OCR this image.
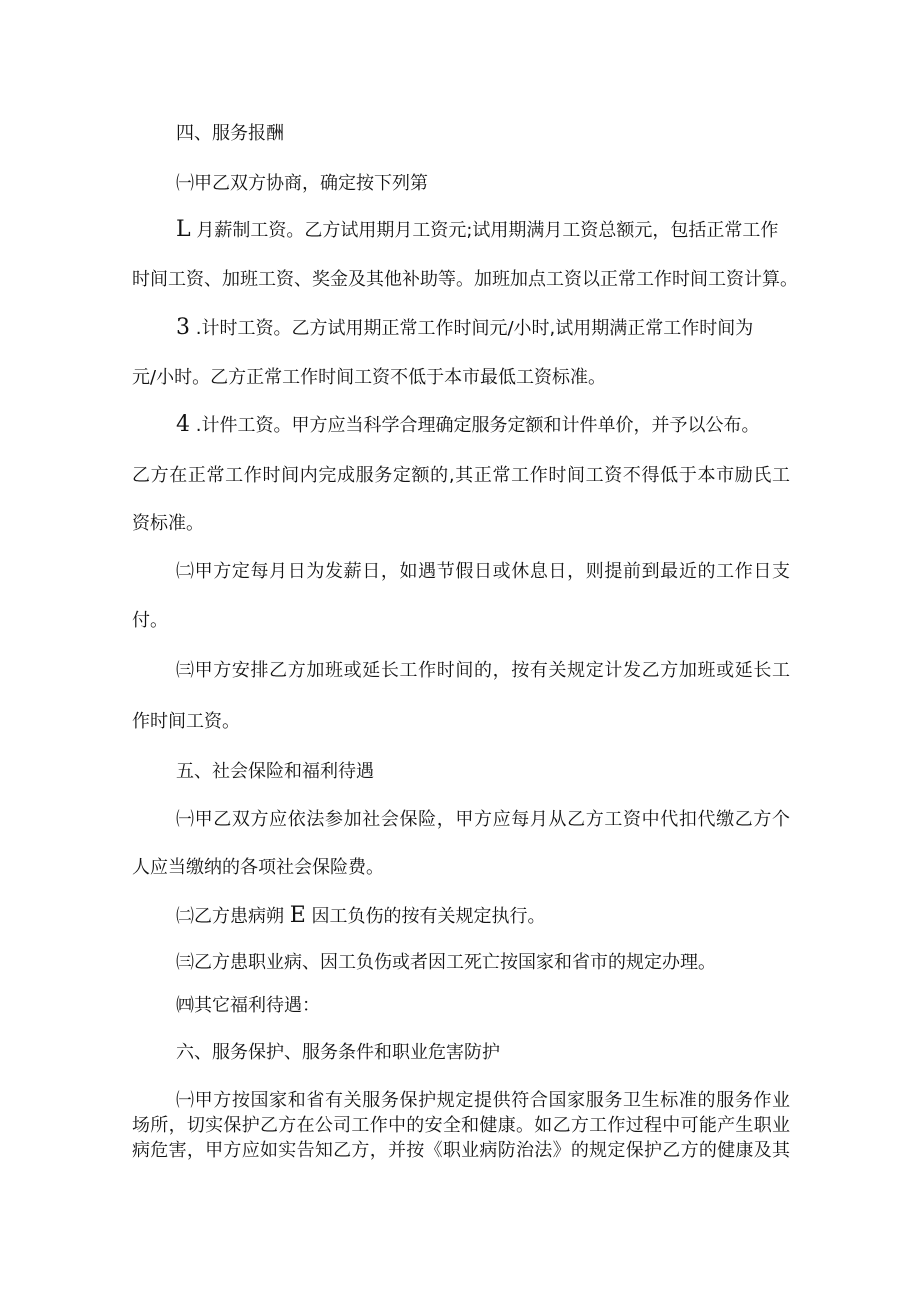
四、服务报酬
㈠甲乙双方协商，确定按下列第
L 月薪制工资。乙方试用期月工资元;试用期满月工资总额元，包括正常工作
时间工资、加班工资、奖金及其他补助等。加班加点工资以正常工作时间工资计算。
3 .计时工资。乙方试用期正常工作时间元/小时,试用期满正常工作时间为
元/小时。乙方正常工作时间工资不低于本市最低工资标准。
4 .计件工资。甲方应当科学合理确定服务定额和计件单价，并予以公布。
乙方在正常工作时间内完成服务定额的,其正常工作时间工资不得低于本市励氏工
资标准。
㈡甲方定每月日为发薪日，如遇节假日或休息日，则提前到最近的工作日支
付。
㈢甲方安排乙方加班或延长工作时间的，按有关规定计发乙方加班或延长工
作时间工资。
五、社会保险和福利待遇
㈠甲乙双方应依法参加社会保险，甲方应每月从乙方工资中代扣代缴乙方个
人应当缴纳的各项社会保险费。
㈡乙方患病朔 E 因工负伤的按有关规定执行。
㈢乙方患职业病、因工负伤或者因工死亡按国家和省市的规定办理。
㈣其它福利待遇：
六、服务保护、服务条件和职业危害防护
㈠甲方按国家和省有关服务保护规定提供符合国家服务卫生标准的服务作业
场所，切实保护乙方在公司工作中的安全和健康。如乙方工作过程中可能产生职业
病危害，甲方应如实告知乙方，并按《职业病防治法》的规定保护乙方的健康及其
